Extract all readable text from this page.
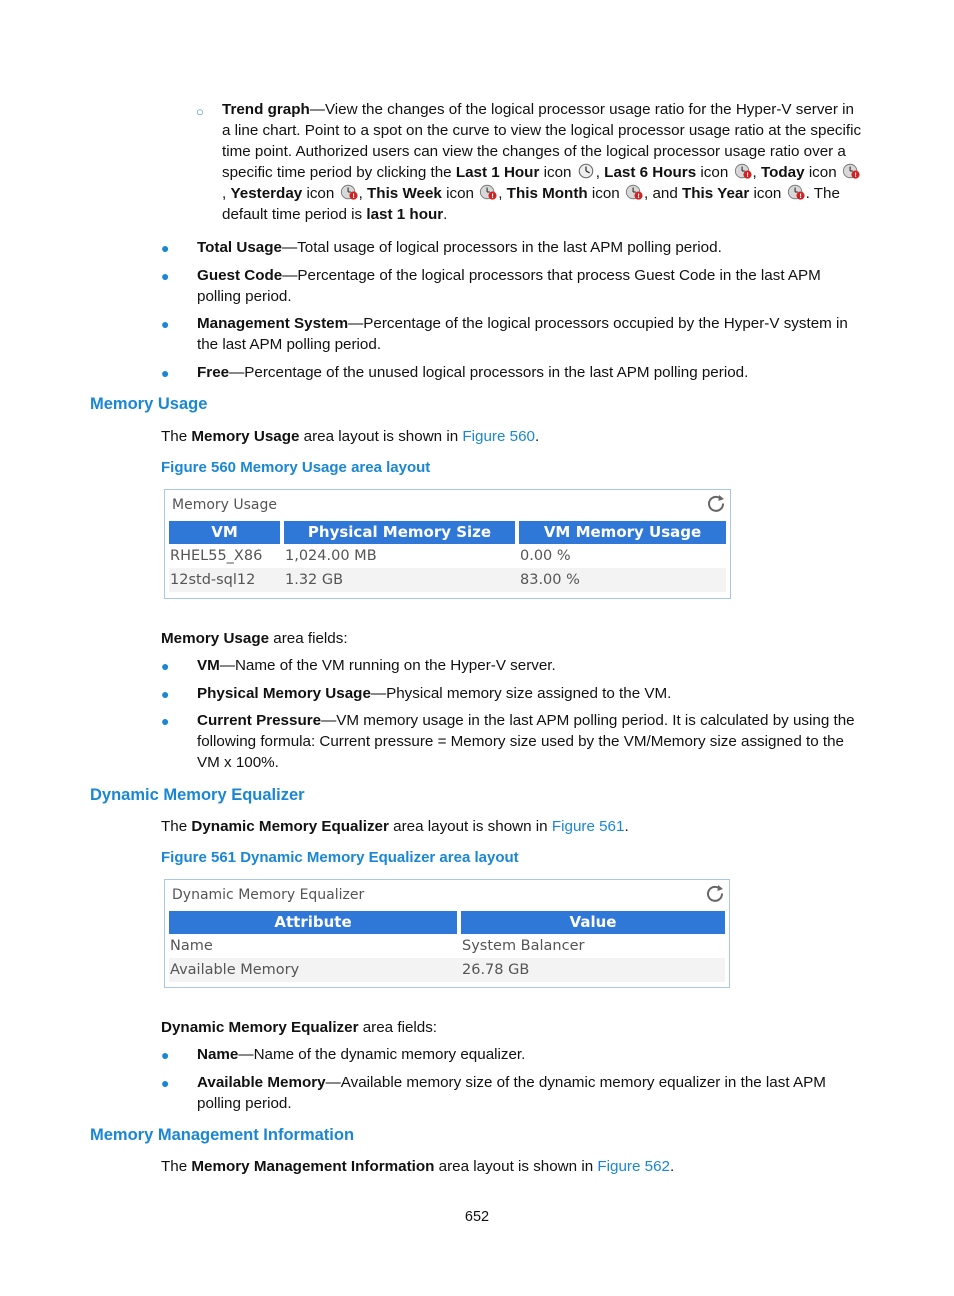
○ Trend graph—View the changes of the logical processor usage ratio for the Hyper-V server in a line chart. Point to a spot on the curve to view the logical processor usage ratio at the specific time point. Authorized users can view the changes of the logical processor usage ratio over a specific time period by clicking the Last 1 Hour icon , Last 6 Hours icon , Today icon , Yesterday icon , This Week icon , This Month icon , and This Year icon . The default time period is last 1 hour.
● Total Usage—Total usage of logical processors in the last APM polling period.
● Guest Code—Percentage of the logical processors that process Guest Code in the last APM polling period.
● Management System—Percentage of the logical processors occupied by the Hyper-V system in the last APM polling period.
● Free—Percentage of the unused logical processors in the last APM polling period.
Memory Usage
The Memory Usage area layout is shown in Figure 560.
Figure 560 Memory Usage area layout
Memory Usage
VM	Physical Memory Size	VM Memory Usage
RHEL55_X86	1,024.00 MB	0.00 %
12std-sql12	1.32 GB	83.00 %
Memory Usage area fields:
● VM—Name of the VM running on the Hyper-V server.
● Physical Memory Usage—Physical memory size assigned to the VM.
● Current Pressure—VM memory usage in the last APM polling period. It is calculated by using the following formula: Current pressure = Memory size used by the VM/Memory size assigned to the VM x 100%.
Dynamic Memory Equalizer
The Dynamic Memory Equalizer area layout is shown in Figure 561.
Figure 561 Dynamic Memory Equalizer area layout
Dynamic Memory Equalizer
Attribute	Value
Name	System Balancer
Available Memory	26.78 GB
Dynamic Memory Equalizer area fields:
● Name—Name of the dynamic memory equalizer.
● Available Memory—Available memory size of the dynamic memory equalizer in the last APM polling period.
Memory Management Information
The Memory Management Information area layout is shown in Figure 562.
652
